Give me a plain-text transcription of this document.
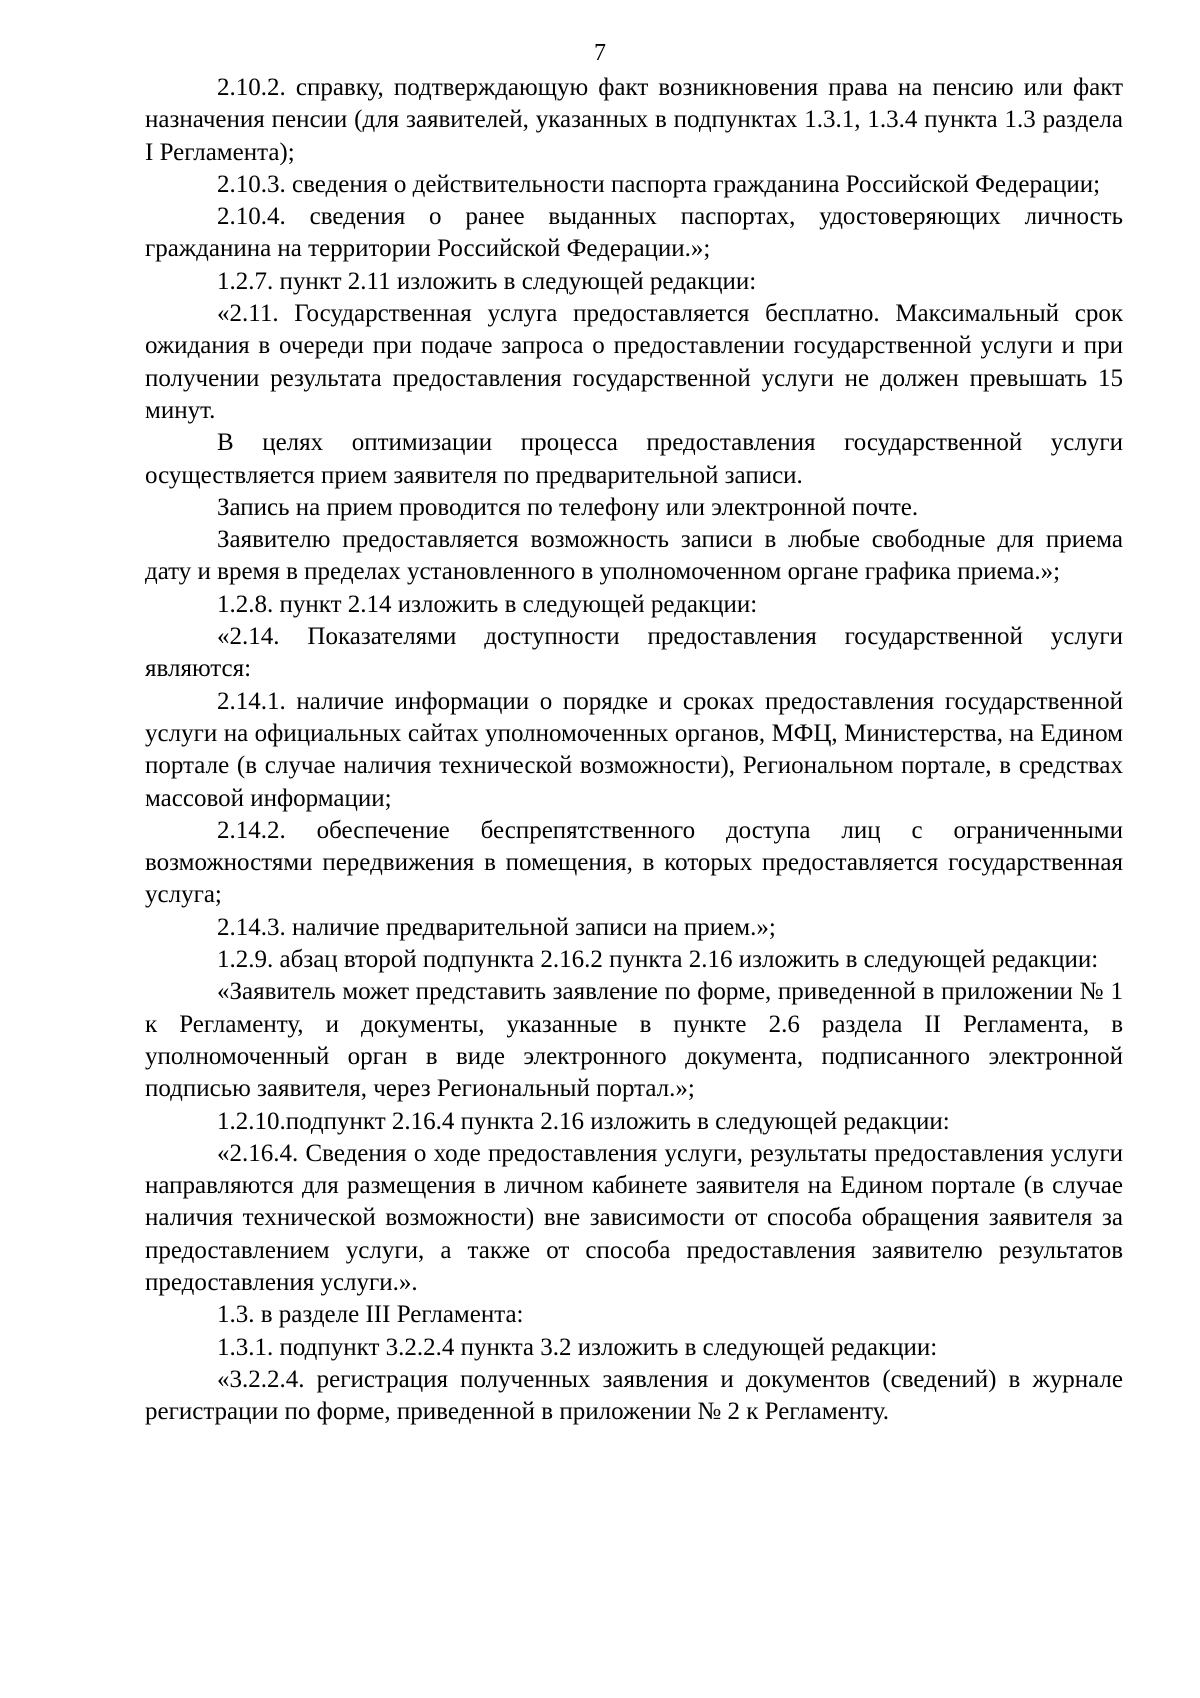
7

2.10.2. справку, подтверждающую факт возникновения права на пенсию или факт назначения пенсии (для заявителей, указанных в подпунктах 1.3.1, 1.3.4 пункта 1.3 раздела I Регламента);

2.10.3. сведения о действительности паспорта гражданина Российской Федерации;

2.10.4. сведения о ранее выданных паспортах, удостоверяющих личность гражданина на территории Российской Федерации.»;

1.2.7. пункт 2.11 изложить в следующей редакции:

«2.11. Государственная услуга предоставляется бесплатно. Максимальный срок ожидания в очереди при подаче запроса о предоставлении государственной услуги и при получении результата предоставления государственной услуги не должен превышать 15 минут.

В целях оптимизации процесса предоставления государственной услуги осуществляется прием заявителя по предварительной записи.

Запись на прием проводится по телефону или электронной почте.

Заявителю предоставляется возможность записи в любые свободные для приема дату и время в пределах установленного в уполномоченном органе графика приема.»;

1.2.8. пункт 2.14 изложить в следующей редакции:

«2.14. Показателями доступности предоставления государственной услуги являются:

2.14.1. наличие информации о порядке и сроках предоставления государственной услуги на официальных сайтах уполномоченных органов, МФЦ, Министерства, на Едином портале (в случае наличия технической возможности), Региональном портале, в средствах массовой информации;

2.14.2. обеспечение беспрепятственного доступа лиц с ограниченными возможностями передвижения в помещения, в которых предоставляется государственная услуга;

2.14.3. наличие предварительной записи на прием.»;

1.2.9. абзац второй подпункта 2.16.2 пункта 2.16 изложить в следующей редакции:

«Заявитель может представить заявление по форме, приведенной в приложении № 1 к Регламенту, и документы, указанные в пункте 2.6 раздела II Регламента, в уполномоченный орган в виде электронного документа, подписанного электронной подписью заявителя, через Региональный портал.»;

1.2.10.подпункт 2.16.4 пункта 2.16 изложить в следующей редакции:

«2.16.4. Сведения о ходе предоставления услуги, результаты предоставления услуги направляются для размещения в личном кабинете заявителя на Едином портале (в случае наличия технической возможности) вне зависимости от способа обращения заявителя за предоставлением услуги, а также от способа предоставления заявителю результатов предоставления услуги.».

1.3. в разделе III Регламента:

1.3.1. подпункт 3.2.2.4 пункта 3.2 изложить в следующей редакции:

«3.2.2.4. регистрация полученных заявления и документов (сведений) в журнале регистрации по форме, приведенной в приложении № 2 к Регламенту.
